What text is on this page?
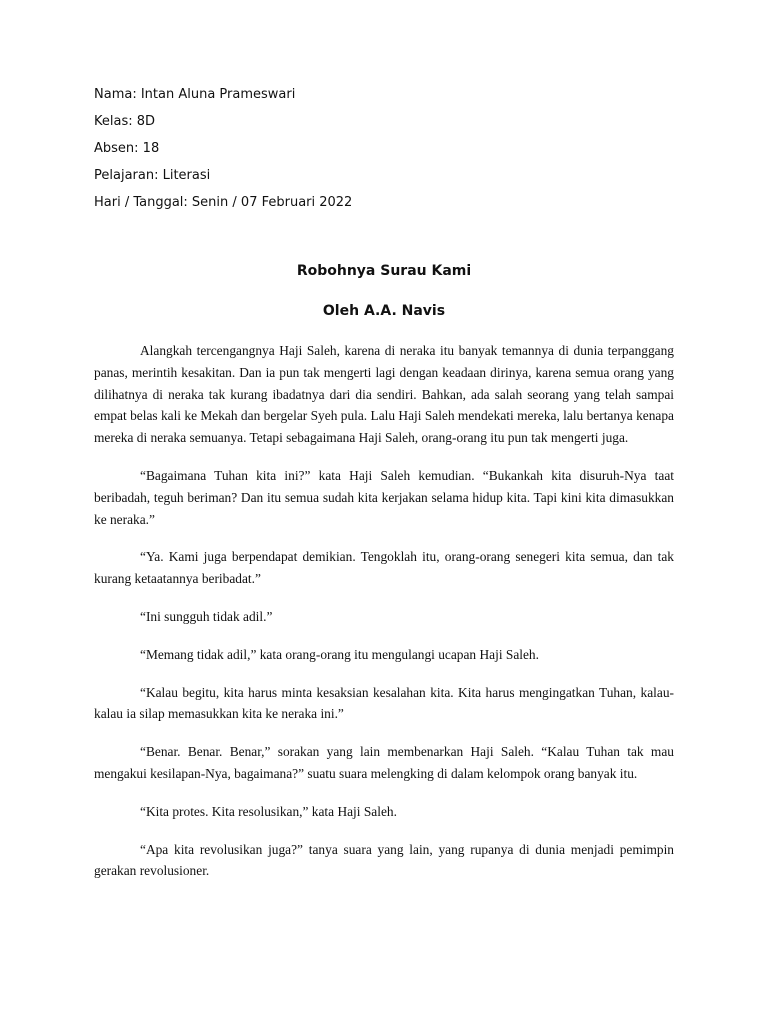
Nama: Intan Aluna Prameswari
Kelas: 8D
Absen: 18
Pelajaran: Literasi
Hari / Tanggal: Senin / 07 Februari 2022
Robohnya Surau Kami
Oleh A.A. Navis

Alangkah tercengangnya Haji Saleh, karena di neraka itu banyak temannya di dunia terpanggang panas, merintih kesakitan. Dan ia pun tak mengerti lagi dengan keadaan dirinya, karena semua orang yang dilihatnya di neraka tak kurang ibadatnya dari dia sendiri. Bahkan, ada salah seorang yang telah sampai empat belas kali ke Mekah dan bergelar Syeh pula. Lalu Haji Saleh mendekati mereka, lalu bertanya kenapa mereka di neraka semuanya. Tetapi sebagaimana Haji Saleh, orang-orang itu pun tak mengerti juga.

“Bagaimana Tuhan kita ini?” kata Haji Saleh kemudian. “Bukankah kita disuruh-Nya taat beribadah, teguh beriman? Dan itu semua sudah kita kerjakan selama hidup kita. Tapi kini kita dimasukkan ke neraka.”

“Ya. Kami juga berpendapat demikian. Tengoklah itu, orang-orang senegeri kita semua, dan tak kurang ketaatannya beribadat.”

“Ini sungguh tidak adil.”

“Memang tidak adil,” kata orang-orang itu mengulangi ucapan Haji Saleh.

“Kalau begitu, kita harus minta kesaksian kesalahan kita. Kita harus mengingatkan Tuhan, kalau-kalau ia silap memasukkan kita ke neraka ini.”

“Benar. Benar. Benar,” sorakan yang lain membenarkan Haji Saleh. “Kalau Tuhan tak mau mengakui kesilapan-Nya, bagaimana?” suatu suara melengking di dalam kelompok orang banyak itu.

“Kita protes. Kita resolusikan,” kata Haji Saleh.

“Apa kita revolusikan juga?” tanya suara yang lain, yang rupanya di dunia menjadi pemimpin gerakan revolusioner.
